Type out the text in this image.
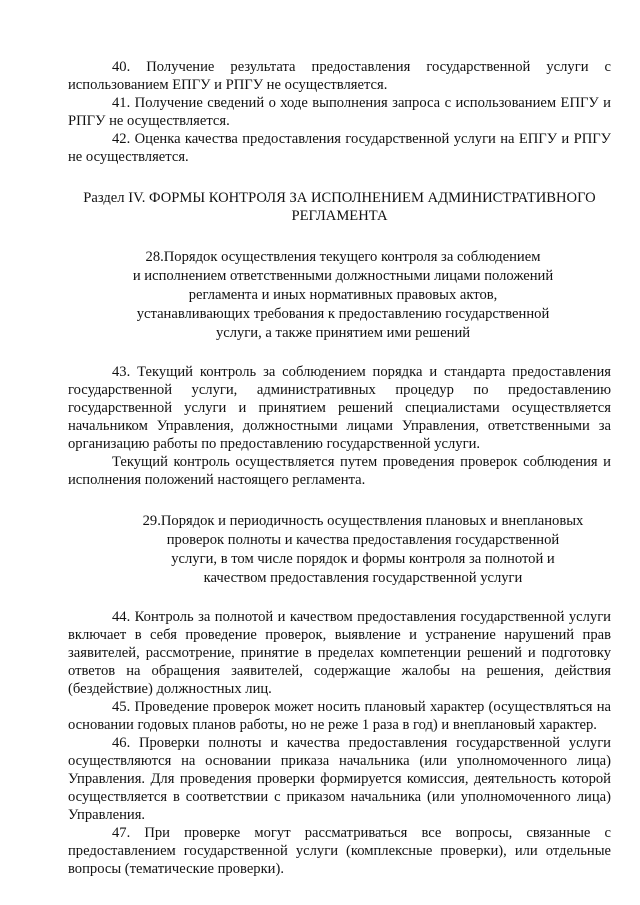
40. Получение результата предоставления государственной услуги с использованием ЕПГУ и РПГУ не осуществляется.

41. Получение сведений о ходе выполнения запроса с использованием ЕПГУ и РПГУ не осуществляется.

42. Оценка качества предоставления государственной услуги на ЕПГУ и РПГУ не осуществляется.

Раздел IV. ФОРМЫ КОНТРОЛЯ ЗА ИСПОЛНЕНИЕМ АДМИНИСТРАТИВНОГО РЕГЛАМЕНТА
28.Порядок осуществления текущего контроля за соблюдением
и исполнением ответственными должностными лицами положений
регламента и иных нормативных правовых актов,
устанавливающих требования к предоставлению государственной
услуги, а также принятием ими решений

43. Текущий контроль за соблюдением порядка и стандарта предоставления государственной услуги, административных процедур по предоставлению государственной услуги и принятием решений специалистами осуществляется начальником Управления, должностными лицами Управления, ответственными за организацию работы по предоставлению государственной услуги.

Текущий контроль осуществляется путем проведения проверок соблюдения и исполнения положений настоящего регламента.

29.Порядок и периодичность осуществления плановых и внеплановых
проверок полноты и качества предоставления государственной
услуги, в том числе порядок и формы контроля за полнотой и
качеством предоставления государственной услуги

44. Контроль за полнотой и качеством предоставления государственной услуги включает в себя проведение проверок, выявление и устранение нарушений прав заявителей, рассмотрение, принятие в пределах компетенции решений и подготовку ответов на обращения заявителей, содержащие жалобы на решения, действия (бездействие) должностных лиц.

45. Проведение проверок может носить плановый характер (осуществляться на основании годовых планов работы, но не реже 1 раза в год) и внеплановый характер.

46. Проверки полноты и качества предоставления государственной услуги осуществляются на основании приказа начальника (или уполномоченного лица) Управления. Для проведения проверки формируется комиссия, деятельность которой осуществляется в соответствии с приказом начальника (или уполномоченного лица) Управления.

47. При проверке могут рассматриваться все вопросы, связанные с предоставлением государственной услуги (комплексные проверки), или отдельные вопросы (тематические проверки).
